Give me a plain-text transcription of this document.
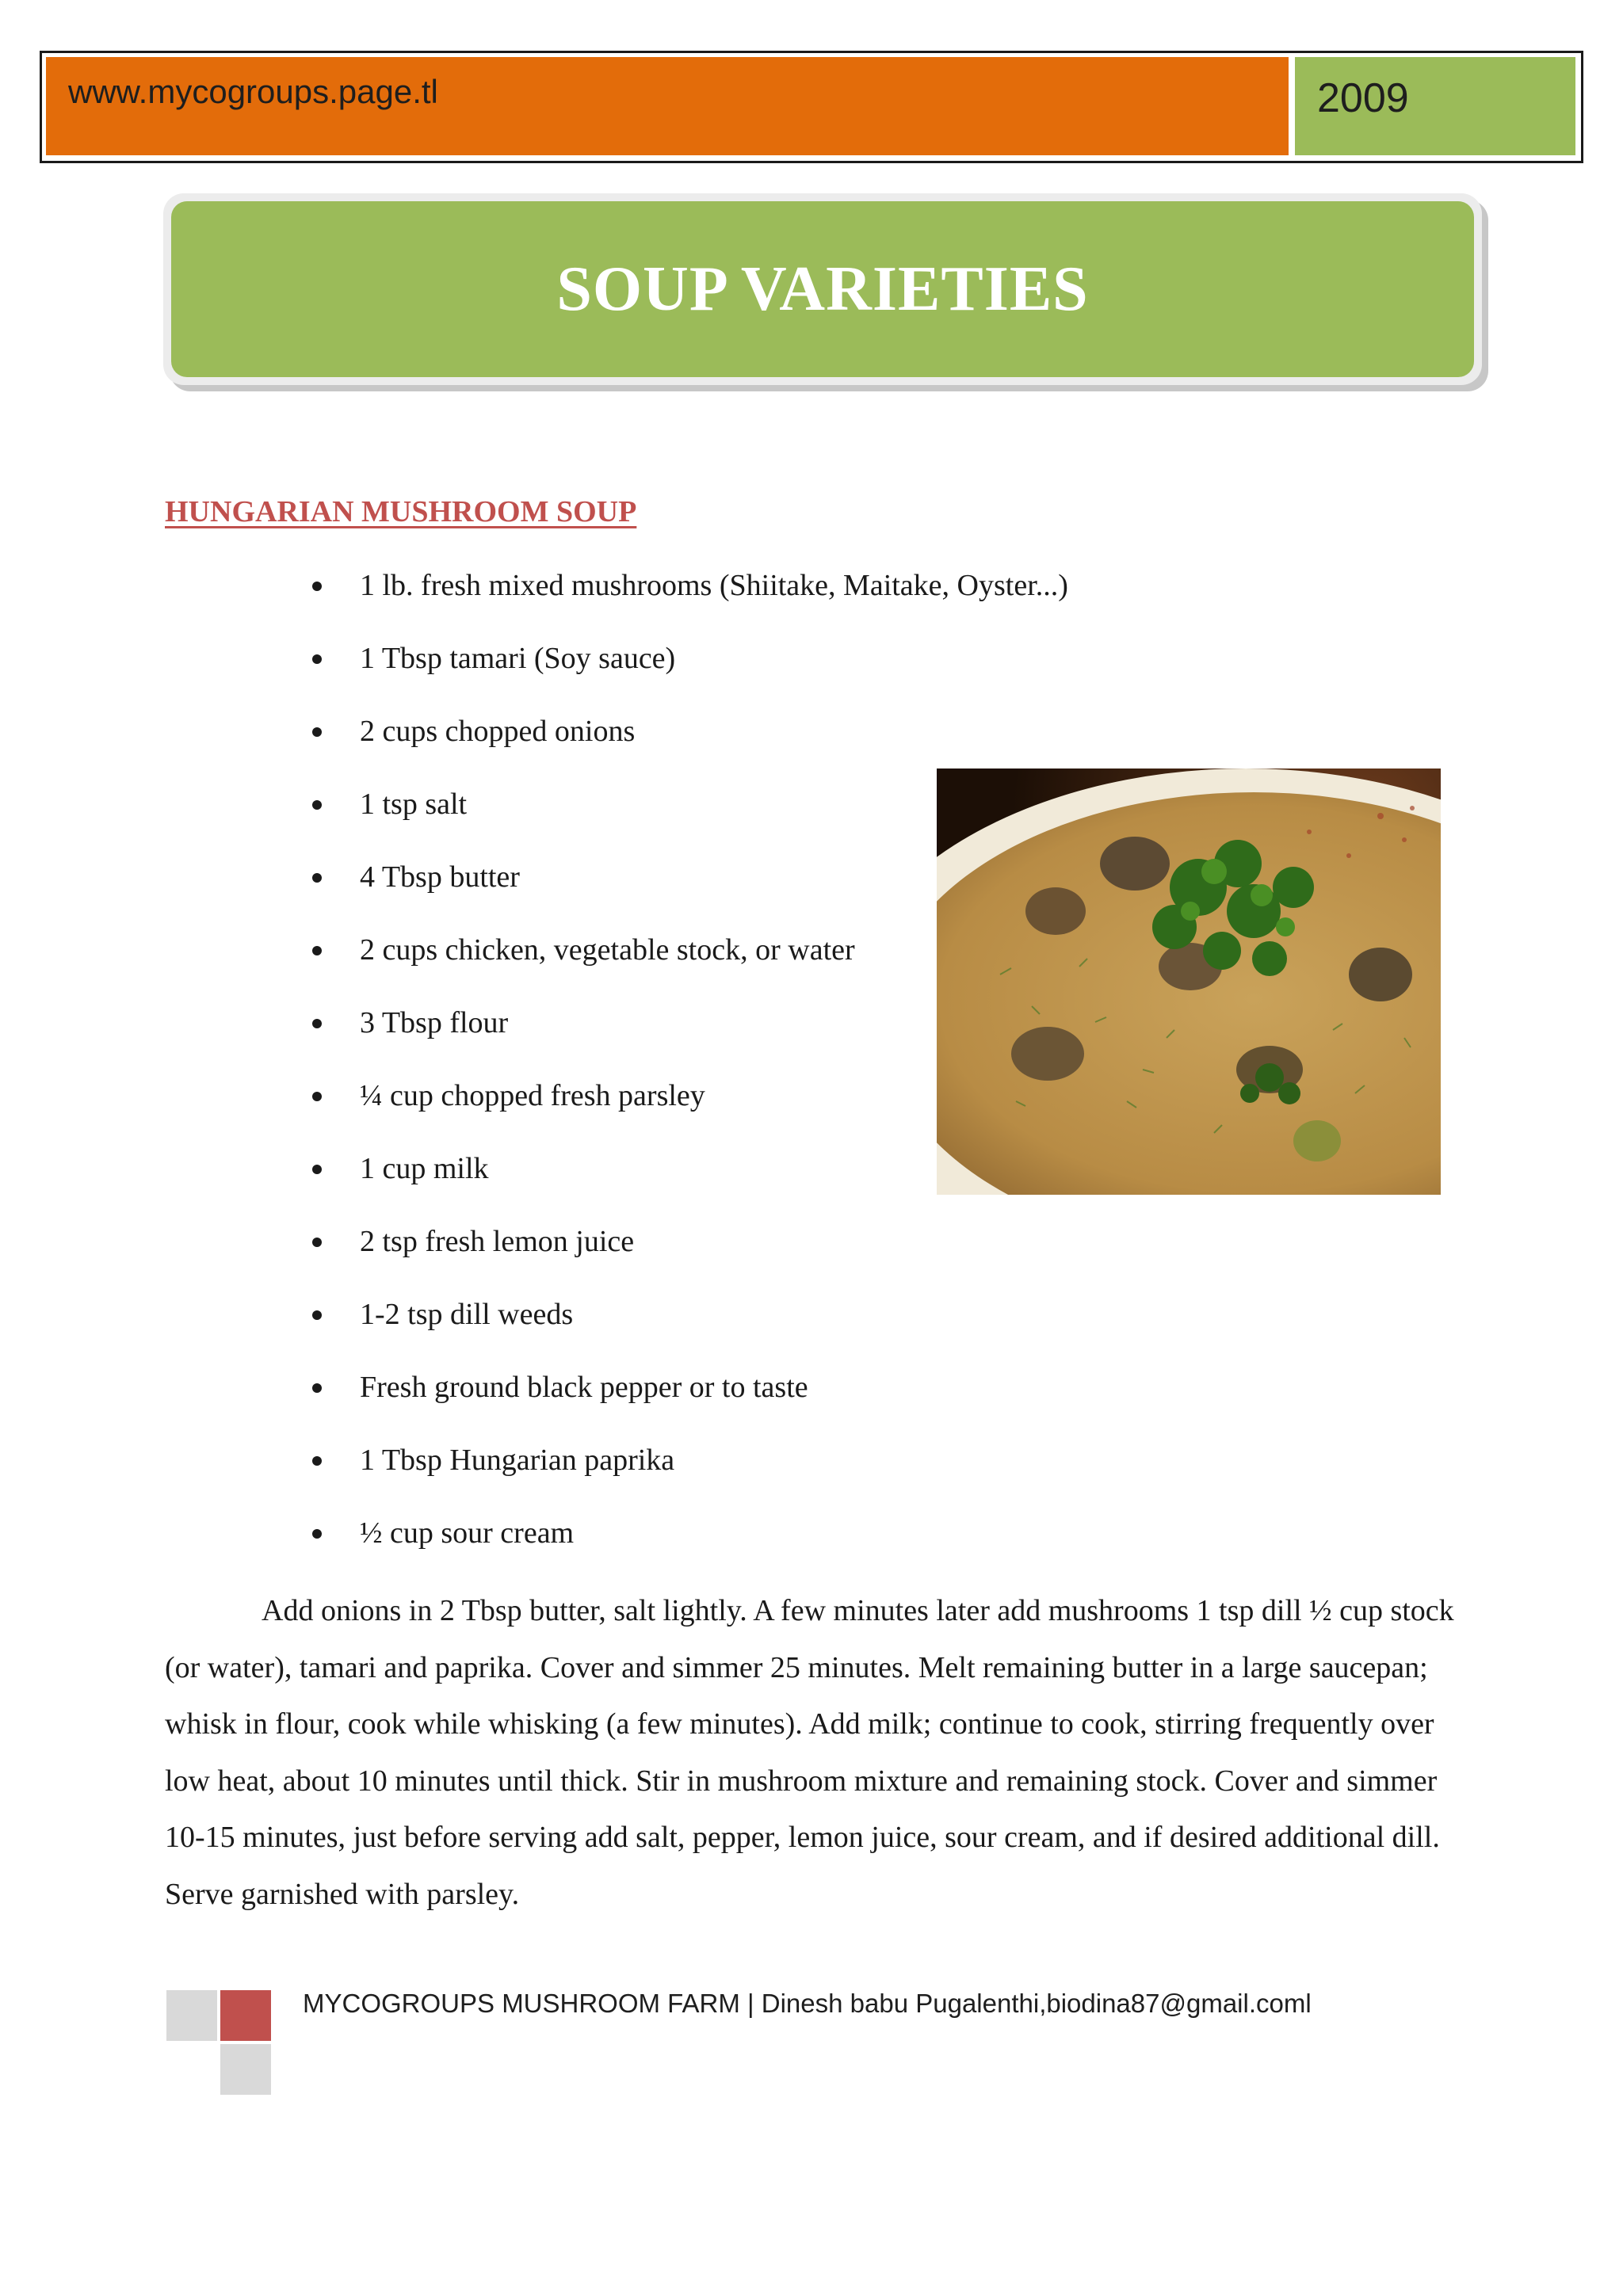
www.mycogroups.page.tl	2009
SOUP VARIETIES
HUNGARIAN MUSHROOM SOUP
1 lb. fresh mixed mushrooms (Shiitake, Maitake, Oyster...)
1 Tbsp tamari (Soy sauce)
2 cups chopped onions
1 tsp salt
4 Tbsp butter
2 cups chicken, vegetable stock, or water
3 Tbsp flour
¼ cup chopped fresh parsley
1 cup milk
2 tsp fresh lemon juice
1-2 tsp dill weeds
Fresh ground black pepper or to taste
1 Tbsp Hungarian paprika
½ cup sour cream

Add onions in 2 Tbsp butter, salt lightly. A few minutes later add mushrooms 1 tsp dill ½ cup stock (or water), tamari and paprika. Cover and simmer 25 minutes. Melt remaining butter in a large saucepan; whisk in flour, cook while whisking (a few minutes). Add milk; continue to cook, stirring frequently over low heat, about 10 minutes until thick. Stir in mushroom mixture and remaining stock. Cover and simmer 10-15 minutes, just before serving add salt, pepper, lemon juice, sour cream, and if desired additional dill. Serve garnished with parsley.

MYCOGROUPS MUSHROOM FARM | Dinesh babu Pugalenthi,biodina87@gmail.coml
